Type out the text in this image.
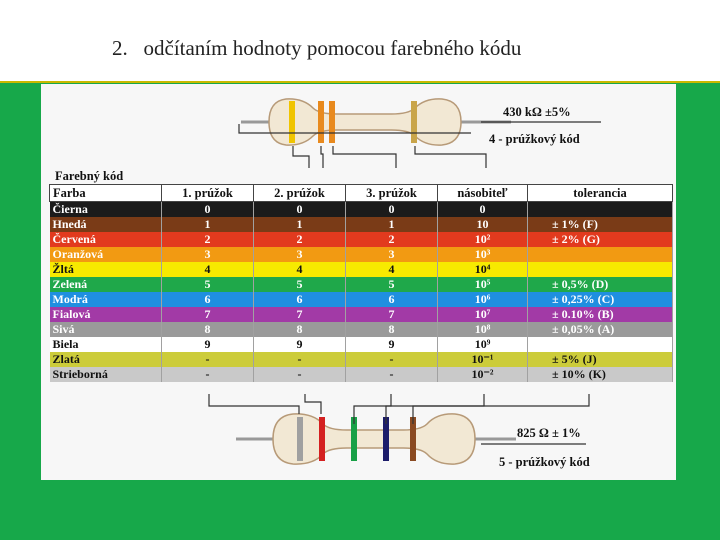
2.   odčítaním hodnoty pomocou farebného kódu
430 kΩ ±5%
4 - prúžkový kód
Farebný kód
Farba	1. prúžok	2. prúžok	3. prúžok	násobiteľ	tolerancia
Čierna	0	0	0	0	
Hnedá	1	1	1	10	± 1% (F)
Červená	2	2	2	10²	± 2% (G)
Oranžová	3	3	3	10³	
Žltá	4	4	4	10⁴	
Zelená	5	5	5	10⁵	± 0,5% (D)
Modrá	6	6	6	10⁶	± 0,25% (C)
Fialová	7	7	7	10⁷	± 0.10% (B)
Sivá	8	8	8	10⁸	± 0,05% (A)
Biela	9	9	9	10⁹	
Zlatá	-	-	-	10⁻¹	± 5% (J)
Strieborná	-	-	-	10⁻²	± 10% (K)
825 Ω ± 1%
5 - prúžkový kód
